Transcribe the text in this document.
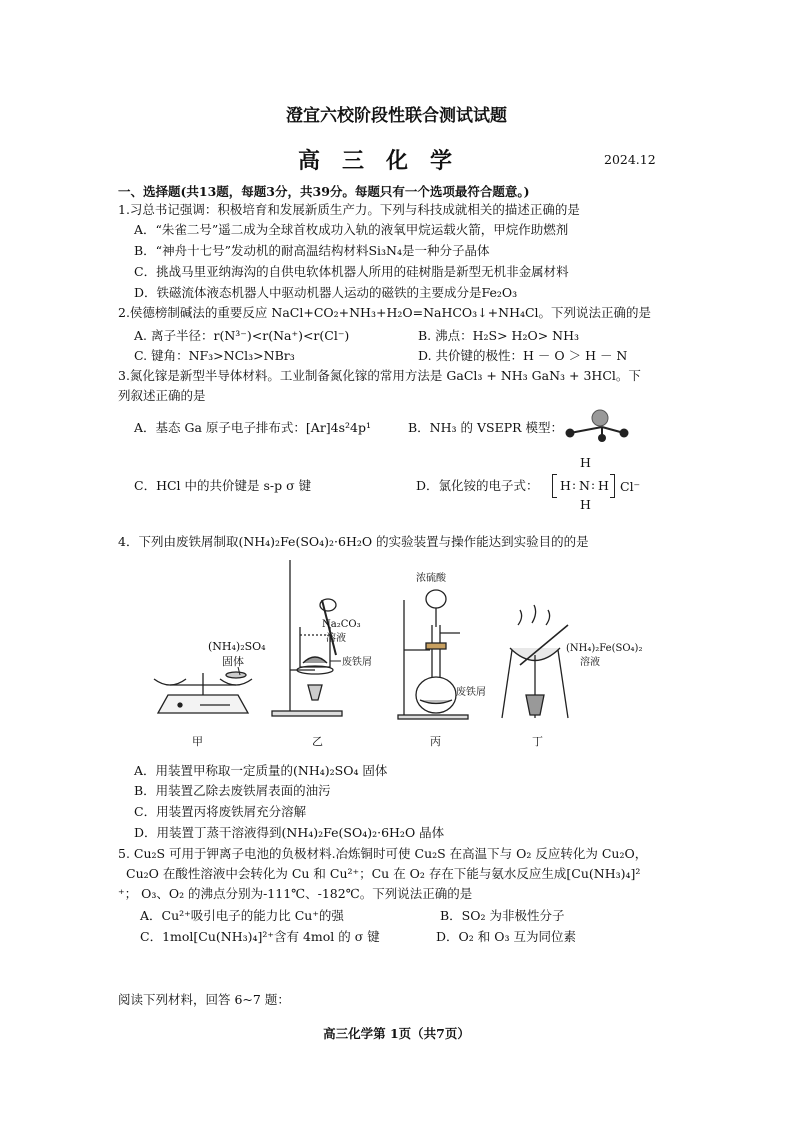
澄宜六校阶段性联合测试试题
高三化学	2024.12
一、选择题(共13题，每题3分，共39分。每题只有一个选项最符合题意。)
1.习总书记强调：积极培育和发展新质生产力。下列与科技成就相关的描述正确的是
A．“朱雀二号”遥二成为全球首枚成功入轨的液氧甲烷运载火箭，甲烷作助燃剂
B．“神舟十七号”发动机的耐高温结构材料Si₃N₄是一种分子晶体
C．挑战马里亚纳海沟的自供电软体机器人所用的硅树脂是新型无机非金属材料
D．铁磁流体液态机器人中驱动机器人运动的磁铁的主要成分是Fe₂O₃
2.侯德榜制碱法的重要反应 NaCl+CO₂+NH₃+H₂O=NaHCO₃↓+NH₄Cl。下列说法正确的是
A. 离子半径：r(N³⁻)<r(Na⁺)<r(Cl⁻)	B. 沸点：H₂S> H₂O> NH₃
C. 键角：NF₃>NCl₃>NBr₃	D. 共价键的极性：H － O ＞ H － N
3.氮化镓是新型半导体材料。工业制备氮化镓的常用方法是 GaCl₃ + NH₃ GaN₃ + 3HCl。下
列叙述正确的是
A．基态 Ga 原子电子排布式：[Ar]4s²4p¹	B．NH₃ 的 VSEPR 模型：
C．HCl 中的共价键是 s-p σ 键	D．氯化铵的电子式：
H
H : N : H Cl⁻
H
4．下列由废铁屑制取(NH₄)₂Fe(SO₄)₂·6H₂O 的实验装置与操作能达到实验目的的是
(NH₄)₂SO₄
固体
Na₂CO₃
溶液
废铁屑
浓硫酸
废铁屑
(NH₄)₂Fe(SO₄)₂
溶液
甲	乙	丙	丁
A．用装置甲称取一定质量的(NH₄)₂SO₄ 固体
B．用装置乙除去废铁屑表面的油污
C．用装置丙将废铁屑充分溶解
D．用装置丁蒸干溶液得到(NH₄)₂Fe(SO₄)₂·6H₂O 晶体
5. Cu₂S 可用于钾离子电池的负极材料.冶炼铜时可使 Cu₂S 在高温下与 O₂ 反应转化为 Cu₂O，
Cu₂O 在酸性溶液中会转化为 Cu 和 Cu²⁺；Cu 在 O₂ 存在下能与氨水反应生成[Cu(NH₃)₄]²
⁺； O₃、O₂ 的沸点分别为-111℃、-182℃。下列说法正确的是
A．Cu²⁺吸引电子的能力比 Cu⁺的强	B．SO₂ 为非极性分子
C．1mol[Cu(NH₃)₄]²⁺含有 4mol 的 σ 键	D．O₂ 和 O₃ 互为同位素
阅读下列材料，回答 6~7 题：
高三化学第 1页（共7页）
